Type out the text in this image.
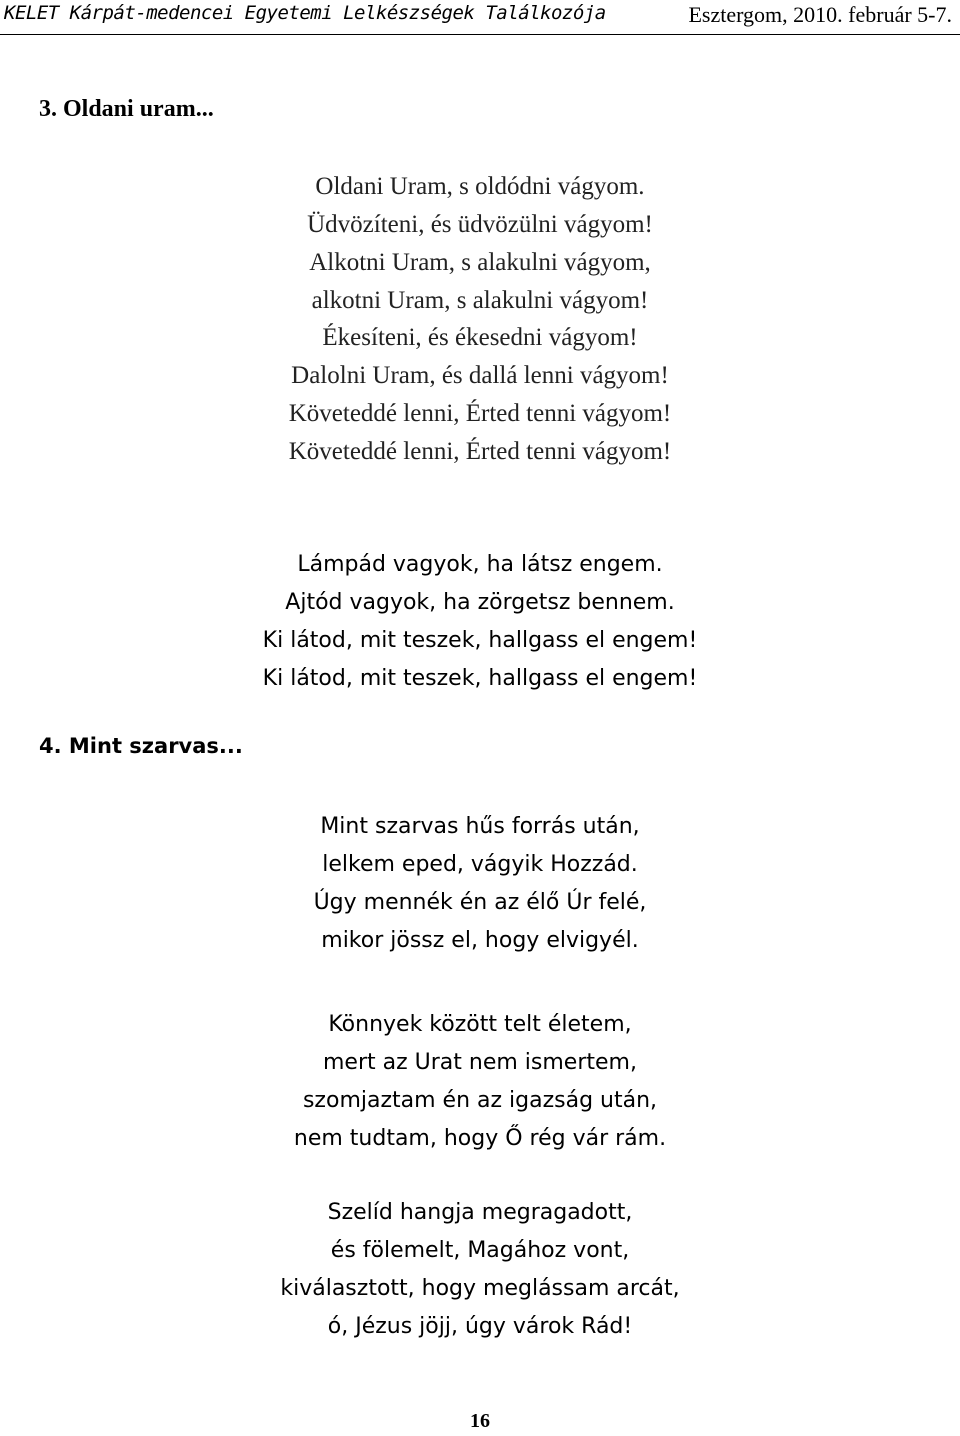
KELET Kárpát-medencei Egyetemi Lelkészségek Találkozója	Esztergom, 2010. február 5-7.
3. Oldani uram...
Oldani Uram, s oldódni vágyom.
Üdvözíteni, és üdvözülni vágyom!
Alkotni Uram, s alakulni vágyom,
alkotni Uram, s alakulni vágyom!
Ékesíteni, és ékesedni vágyom!
Dalolni Uram, és dallá lenni vágyom!
Követeddé lenni, Érted tenni vágyom!
Követeddé lenni, Érted tenni vágyom!
Lámpád vagyok, ha látsz engem.
Ajtód vagyok, ha zörgetsz bennem.
Ki látod, mit teszek, hallgass el engem!
Ki látod, mit teszek, hallgass el engem!
4. Mint szarvas...
Mint szarvas hűs forrás után,
lelkem eped, vágyik Hozzád.
Úgy mennék én az élő Úr felé,
mikor jössz el, hogy elvigyél.
Könnyek között telt életem,
mert az Urat nem ismertem,
szomjaztam én az igazság után,
nem tudtam, hogy Ő rég vár rám.
Szelíd hangja megragadott,
és fölemelt, Magához vont,
kiválasztott, hogy meglássam arcát,
ó, Jézus jöjj, úgy várok Rád!
16
